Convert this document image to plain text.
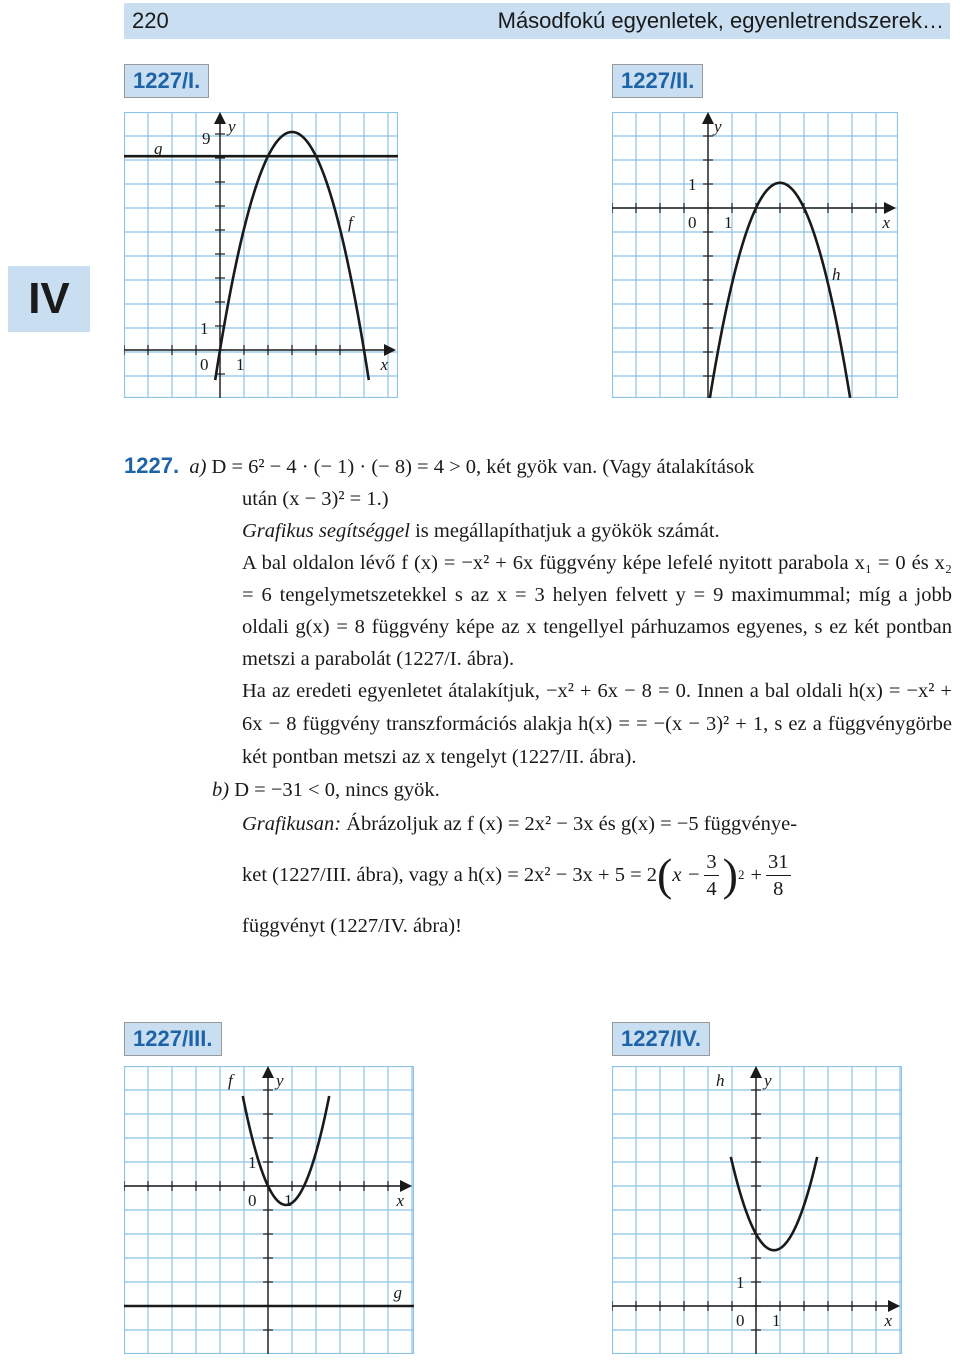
220	Másodfokú egyenletek, egyenletrendszerek…
IV
1227/I.	1227/II.
1227/III.	1227/IV.
g
f
y
x
9
1
0 1
h
y
x
1
0 1
f
g
y
x
1
0 1
h y
x
1
0 1

1227. a) D = 6² − 4 · (− 1) · (− 8) = 4 > 0, két gyök van. (Vagy átalakítások

után (x − 3)² = 1.)

Grafikus segítséggel is megállapíthatjuk a gyökök számát.

A bal oldalon lévő f (x) = −x² + 6x függvény képe lefelé nyitott parabola x₁ = 0 és x₂ = 6 tengelymetszetekkel s az x = 3 helyen felvett y = 9 maximummal; míg a jobb oldali g(x) = 8 függvény képe az x tengellyel párhuzamos egyenes, s ez két pontban metszi a parabolát (1227/I. ábra).

Ha az eredeti egyenletet átalakítjuk, −x² + 6x − 8 = 0. Innen a bal oldali h(x) = −x² + 6x − 8 függvény transzformációs alakja h(x) = = −(x − 3)² + 1, s ez a függvénygörbe két pontban metszi az x tengelyt (1227/II. ábra).

b) D = −31 < 0, nincs gyök.

Grafikusan: Ábrázoljuk az f (x) = 2x² − 3x és g(x) = −5 függvénye-

ket (1227/III. ábra), vagy a h(x) = 2x² − 3x + 5 = 2 ( $x - \frac{3}{4}$ ) $2 + \frac{31}{8}$

függvényt (1227/IV. ábra)!
